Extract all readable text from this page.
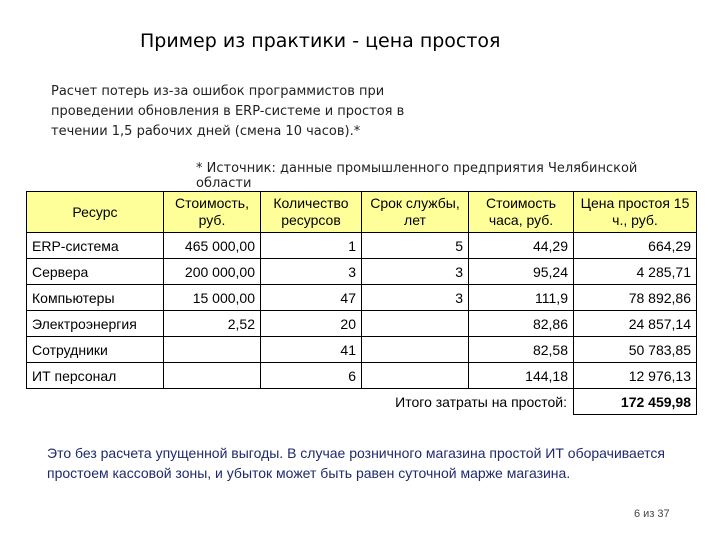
Пример из практики - цена простоя
Расчет потерь из-за ошибок программистов при проведении обновления в ERP-системе и простоя в течении 1,5 рабочих дней (смена 10 часов).*
* Источник: данные промышленного предприятия Челябинской области
Ресурс	Стоимость, руб.	Количество ресурсов	Срок службы, лет	Стоимость часа, руб.	Цена простоя 15 ч., руб.
ERP-система	465 000,00	1	5	44,29	664,29
Сервера	200 000,00	3	3	95,24	4 285,71
Компьютеры	15 000,00	47	3	111,9	78 892,86
Электроэнергия	2,52	20		82,86	24 857,14
Сотрудники		41		82,58	50 783,85
ИТ персонал		6		144,18	12 976,13
Итого затраты на простой:					172 459,98
Это без расчета упущенной выгоды. В случае розничного магазина простой ИТ оборачивается простоем кассовой зоны, и убыток может быть равен суточной марже магазина.
6 из 37
